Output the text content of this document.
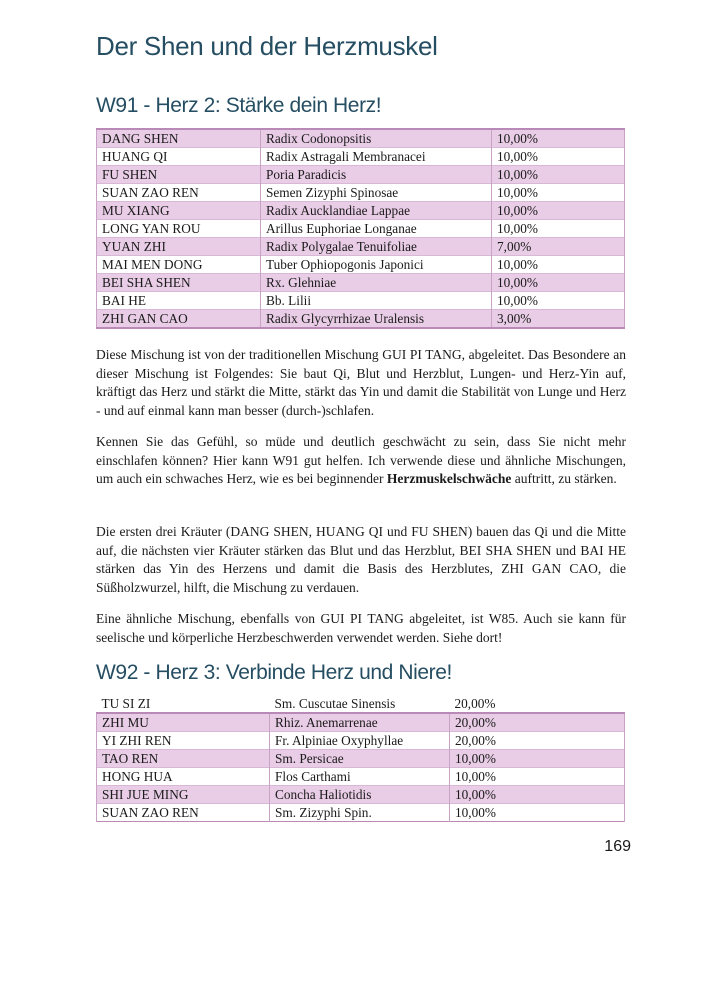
Der Shen und der Herzmuskel
W91 - Herz 2: Stärke dein Herz!
DANG SHEN	Radix Codonopsitis	10,00%
HUANG QI	Radix Astragali Membranacei	10,00%
FU SHEN	Poria Paradicis	10,00%
SUAN ZAO REN	Semen Zizyphi Spinosae	10,00%
MU XIANG	Radix Aucklandiae Lappae	10,00%
LONG YAN ROU	Arillus Euphoriae Longanae	10,00%
YUAN ZHI	Radix Polygalae Tenuifoliae	7,00%
MAI MEN DONG	Tuber Ophiopogonis Japonici	10,00%
BEI SHA SHEN	Rx. Glehniae	10,00%
BAI HE	Bb. Lilii	10,00%
ZHI GAN CAO	Radix Glycyrrhizae Uralensis	3,00%

Diese Mischung ist von der traditionellen Mischung GUI PI TANG, abgeleitet. Das Besondere an dieser Mischung ist Folgendes: Sie baut Qi, Blut und Herzblut, Lungen- und Herz-Yin auf, kräftigt das Herz und stärkt die Mitte, stärkt das Yin und damit die Stabilität von Lunge und Herz - und auf einmal kann man besser (durch-)schlafen.

Kennen Sie das Gefühl, so müde und deutlich geschwächt zu sein, dass Sie nicht mehr einschlafen können? Hier kann W91 gut helfen. Ich verwende diese und ähnliche Mischungen, um auch ein schwaches Herz, wie es bei beginnender Herzmuskelschwäche auftritt, zu stärken.

Die ersten drei Kräuter (DANG SHEN, HUANG QI und FU SHEN) bauen das Qi und die Mitte auf, die nächsten vier Kräuter stärken das Blut und das Herzblut, BEI SHA SHEN und BAI HE stärken das Yin des Herzens und damit die Basis des Herzblutes, ZHI GAN CAO, die Süßholzwurzel, hilft, die Mischung zu verdauen.

Eine ähnliche Mischung, ebenfalls von GUI PI TANG abgeleitet, ist W85. Auch sie kann für seelische und körperliche Herzbeschwerden verwendet werden. Siehe dort!

W92 - Herz 3: Verbinde Herz und Niere!
TU SI ZI	Sm. Cuscutae Sinensis	20,00%
ZHI MU	Rhiz. Anemarrenae	20,00%
YI ZHI REN	Fr. Alpiniae Oxyphyllae	20,00%
TAO REN	Sm. Persicae	10,00%
HONG HUA	Flos Carthami	10,00%
SHI JUE MING	Concha Haliotidis	10,00%
SUAN ZAO REN	Sm. Zizyphi Spin.	10,00%
169
